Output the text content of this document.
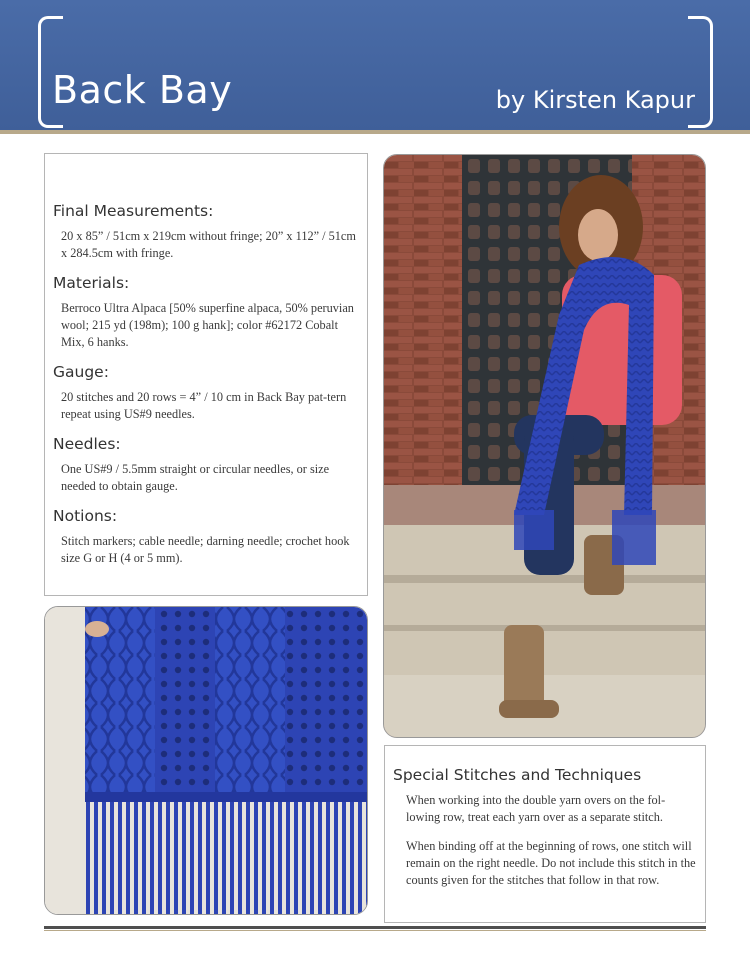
Back Bay	by Kirsten Kapur
Final Measurements:
20 x 85” / 51cm x 219cm without fringe; 20” x 112” / 51cm x 284.5cm with fringe.
Materials:
Berroco Ultra Alpaca [50% superfine alpaca, 50% peruvian wool; 215 yd (198m); 100 g hank]; color #62172 Cobalt Mix, 6 hanks.
Gauge:
20 stitches and 20 rows = 4” / 10 cm in Back Bay pat-tern repeat using US#9 needles.
Needles:
One US#9 / 5.5mm straight or circular needles, or size needed to obtain gauge.
Notions:
Stitch markers; cable needle; darning needle; crochet hook size G or H (4 or 5 mm).
Special Stitches and Techniques
When working into the double yarn overs on the fol-lowing row, treat each yarn over as a separate stitch.
When binding off at the beginning of rows, one stitch will remain on the right needle. Do not include this stitch in the counts given for the stitches that follow in that row.
